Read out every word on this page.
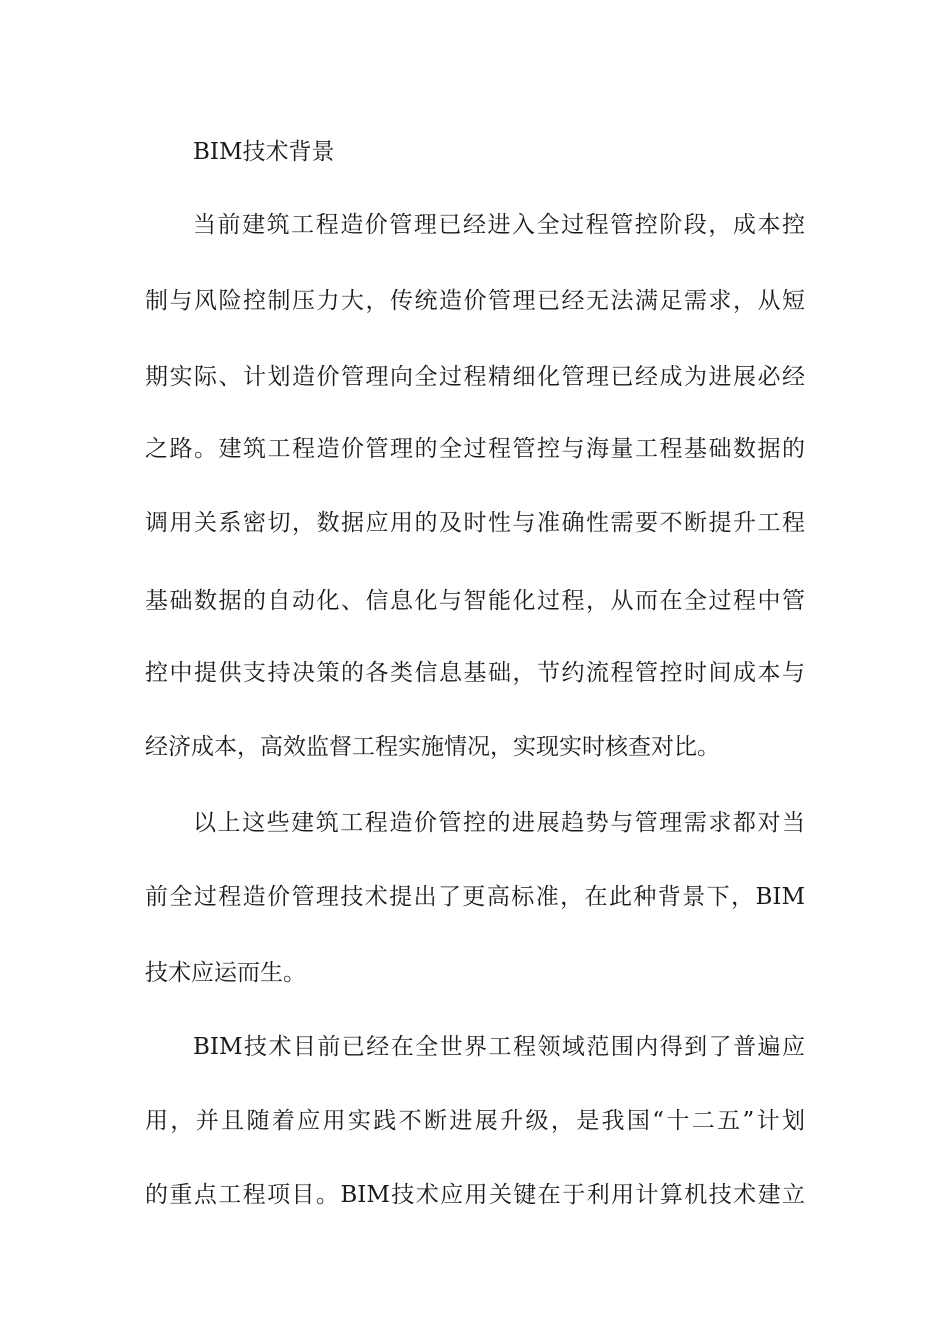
BIM技术背景
当前建筑工程造价管理已经进入全过程管控阶段，成本控
制与风险控制压力大，传统造价管理已经无法满足需求，从短
期实际、计划造价管理向全过程精细化管理已经成为进展必经
之路。建筑工程造价管理的全过程管控与海量工程基础数据的
调用关系密切，数据应用的及时性与准确性需要不断提升工程
基础数据的自动化、信息化与智能化过程，从而在全过程中管
控中提供支持决策的各类信息基础，节约流程管控时间成本与
经济成本，高效监督工程实施情况，实现实时核查对比。
以上这些建筑工程造价管控的进展趋势与管理需求都对当
前全过程造价管理技术提出了更高标准，在此种背景下，BIM
技术应运而生。
BIM技术目前已经在全世界工程领域范围内得到了普遍应
用，并且随着应用实践不断进展升级，是我国“十二五”计划
的重点工程项目。BIM技术应用关键在于利用计算机技术建立
